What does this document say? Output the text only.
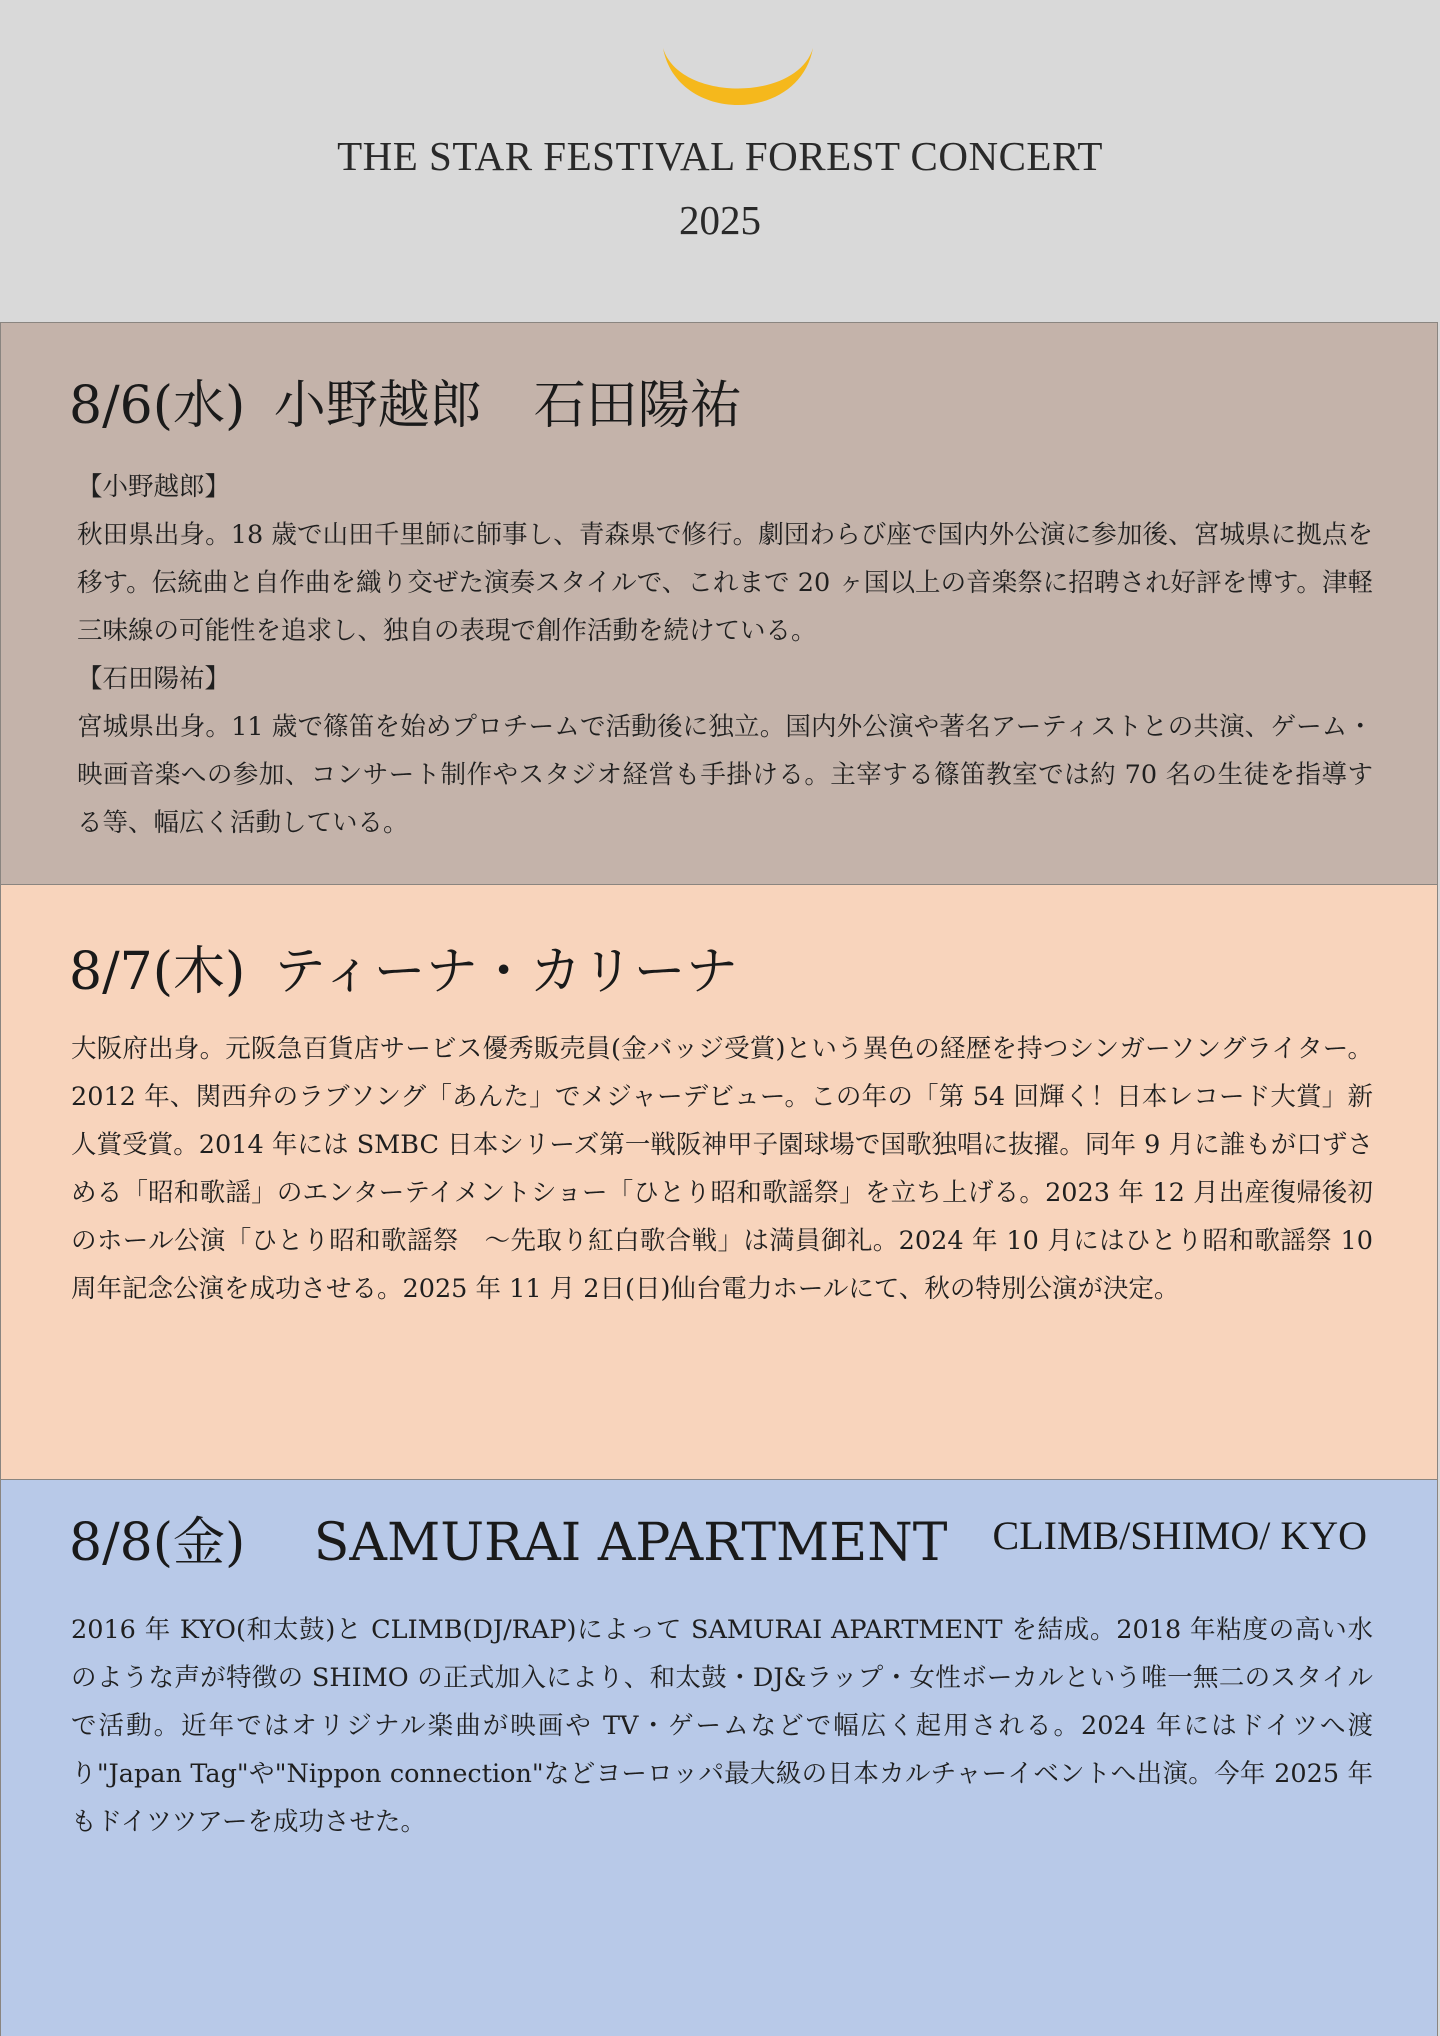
THE STAR FESTIVAL FOREST CONCERT
2025
8/6(水) 小野越郎　石田陽祐

【小野越郎】

秋田県出身。18 歳で山田千里師に師事し、青森県で修行。劇団わらび座で国内外公演に参加後、宮城県に拠点を移す。伝統曲と自作曲を織り交ぜた演奏スタイルで、これまで 20 ヶ国以上の音楽祭に招聘され好評を博す。津軽三味線の可能性を追求し、独自の表現で創作活動を続けている。

【石田陽祐】

宮城県出身。11 歳で篠笛を始めプロチームで活動後に独立。国内外公演や著名アーティストとの共演、ゲーム・映画音楽への参加、コンサート制作やスタジオ経営も手掛ける。主宰する篠笛教室では約 70 名の生徒を指導する等、幅広く活動している。

8/7(木) ティーナ・カリーナ

大阪府出身。元阪急百貨店サービス優秀販売員(金バッジ受賞)という異色の経歴を持つシンガーソングライター。2012 年、関西弁のラブソング「あんた」でメジャーデビュー。この年の「第 54 回輝く！日本レコード大賞」新人賞受賞。2014 年には SMBC 日本シリーズ第一戦阪神甲子園球場で国歌独唱に抜擢。同年 9 月に誰もが口ずさめる「昭和歌謡」のエンターテイメントショー「ひとり昭和歌謡祭」を立ち上げる。2023 年 12 月出産復帰後初のホール公演「ひとり昭和歌謡祭　〜先取り紅白歌合戦」は満員御礼。2024 年 10 月にはひとり昭和歌謡祭 10 周年記念公演を成功させる。2025 年 11 月 2日(日)仙台電力ホールにて、秋の特別公演が決定。

8/8(金) SAMURAI APARTMENT CLIMB/SHIMO/ KYO

2016 年 KYO(和太鼓)と CLIMB(DJ/RAP)によって SAMURAI APARTMENT を結成。2018 年粘度の高い水のような声が特徴の SHIMO の正式加入により、和太鼓・DJ&ラップ・女性ボーカルという唯一無二のスタイルで活動。近年ではオリジナル楽曲が映画や TV・ゲームなどで幅広く起用される。2024 年にはドイツへ渡り"Japan Tag"や"Nippon connection"などヨーロッパ最大級の日本カルチャーイベントへ出演。今年 2025 年もドイツツアーを成功させた。
